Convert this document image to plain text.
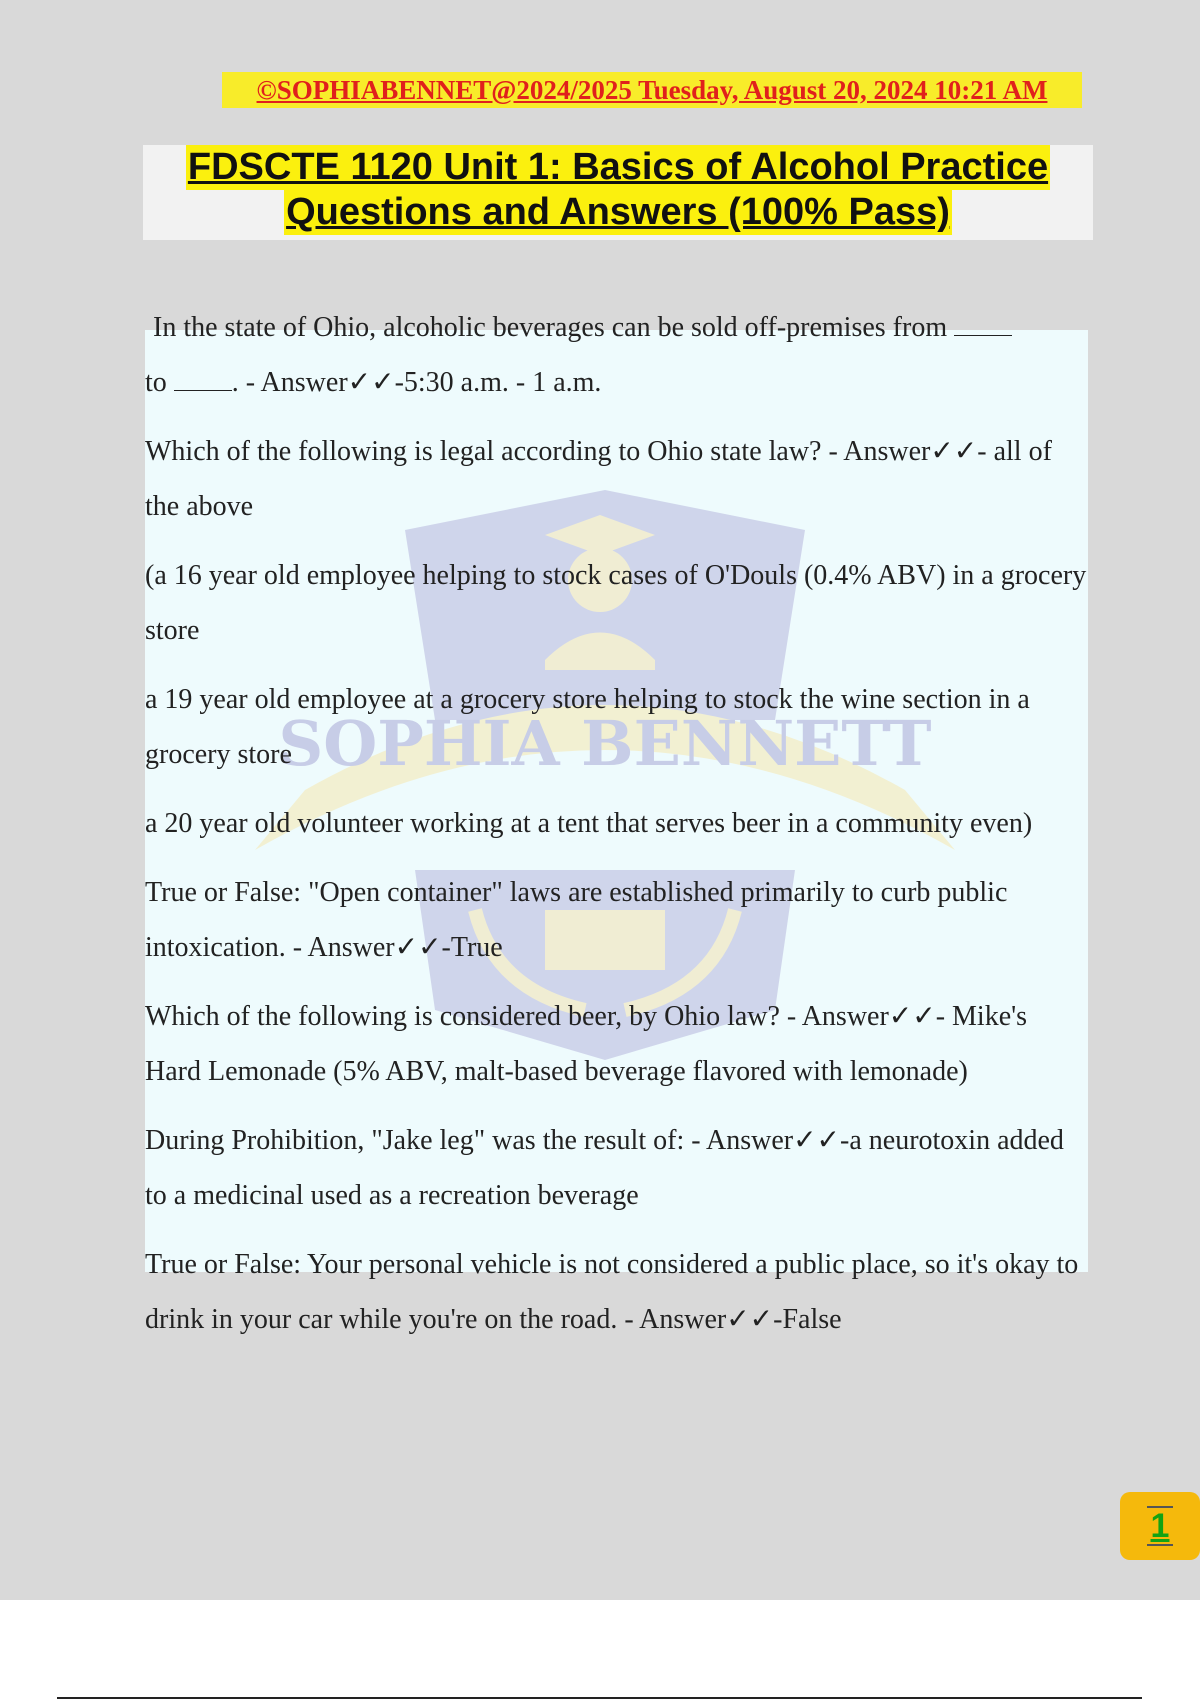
©SOPHIABENNET@2024/2025 Tuesday, August 20, 2024 10:21 AM
FDSCTE 1120 Unit 1: Basics of Alcohol Practice
Questions and Answers (100% Pass)
SOPHIA BENNETT

In the state of Ohio, alcoholic beverages can be sold off-premises from
to . - Answer✓✓-5:30 a.m. - 1 a.m.

Which of the following is legal according to Ohio state law? - Answer✓✓- all of the above

(a 16 year old employee helping to stock cases of O'Douls (0.4% ABV) in a grocery store

a 19 year old employee at a grocery store helping to stock the wine section in a grocery store

a 20 year old volunteer working at a tent that serves beer in a community even)

True or False: "Open container" laws are established primarily to curb public intoxication. - Answer✓✓-True

Which of the following is considered beer, by Ohio law? - Answer✓✓- Mike's Hard Lemonade (5% ABV, malt-based beverage flavored with lemonade)

During Prohibition, "Jake leg" was the result of: - Answer✓✓-a neurotoxin added to a medicinal used as a recreation beverage

True or False: Your personal vehicle is not considered a public place, so it's okay to drink in your car while you're on the road. - Answer✓✓-False

1
